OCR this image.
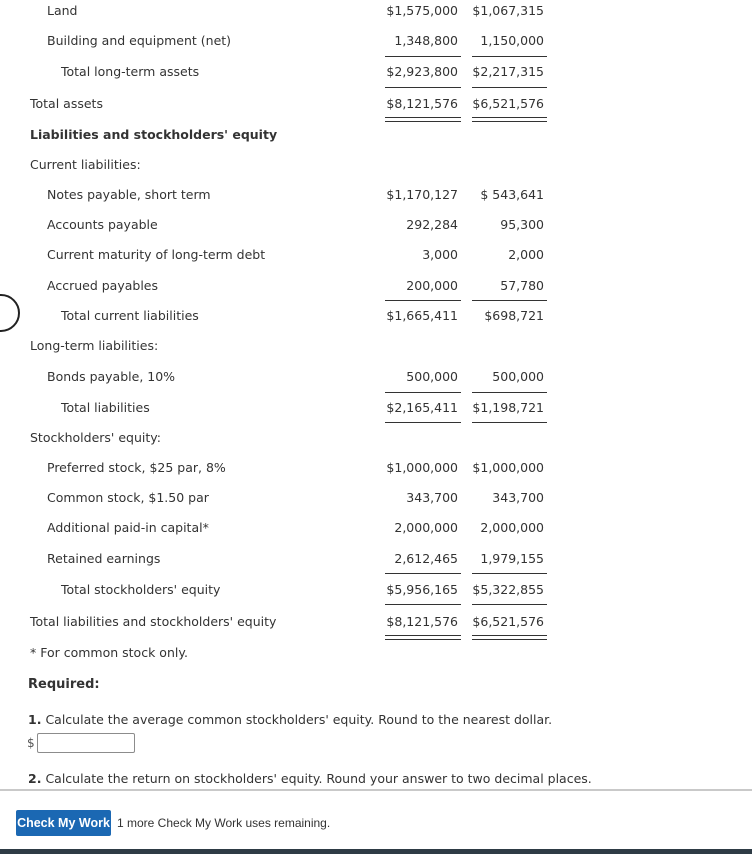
Land	$1,575,000 $1,067,315
Building and equipment (net)	1,348,800	1,150,000
Total long-term assets	$2,923,800 $2,217,315
Total assets	$8,121,576 $6,521,576
Liabilities and stockholders' equity
Current liabilities:
Notes payable, short term	$1,170,127	$ 543,641
Accounts payable	292,284	95,300
Current maturity of long-term debt	3,000	2,000
Accrued payables	200,000	57,780
Total current liabilities	$1,665,411	$698,721
Long-term liabilities:
Bonds payable, 10%	500,000	500,000
Total liabilities	$2,165,411 $1,198,721
Stockholders' equity:
Preferred stock, $25 par, 8%	$1,000,000 $1,000,000
Common stock, $1.50 par	343,700	343,700
Additional paid-in capital*	2,000,000	2,000,000
Retained earnings	2,612,465	1,979,155
Total stockholders' equity	$5,956,165 $5,322,855
Total liabilities and stockholders' equity	$8,121,576 $6,521,576
* For common stock only.
Required:
1. Calculate the average common stockholders' equity. Round to the nearest dollar.
$
2. Calculate the return on stockholders' equity. Round your answer to two decimal places.
Check My Work 1 more Check My Work uses remaining.
